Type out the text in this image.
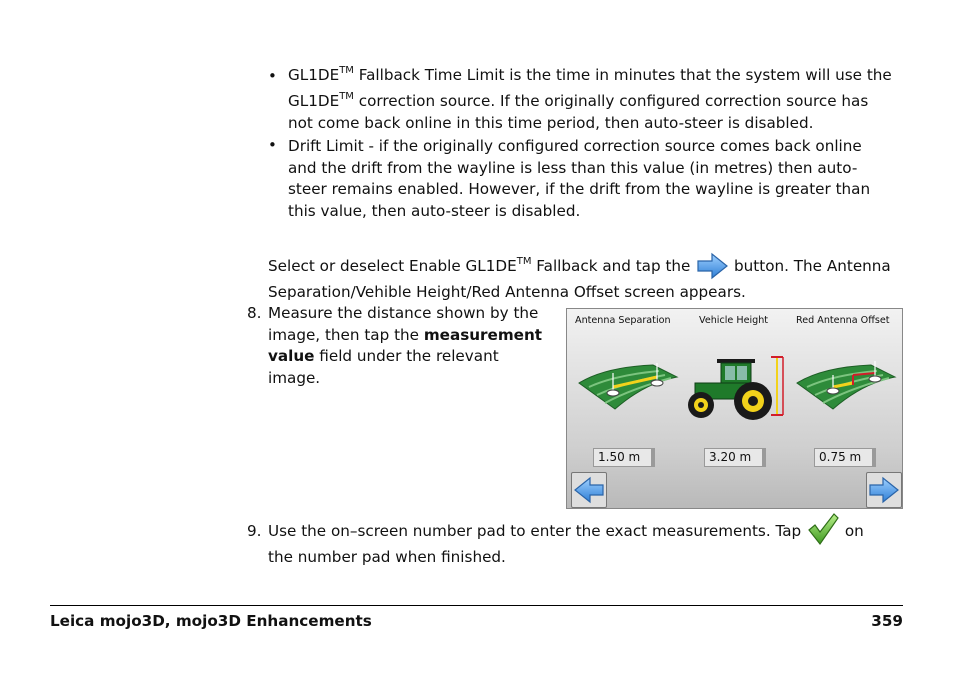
• GL1DE™ Fallback Time Limit is the time in minutes that the system will use the
GL1DE™ correction source. If the originally configured correction source has
not come back online in this time period, then auto-steer is disabled.
• Drift Limit - if the originally configured correction source comes back online
and the drift from the wayline is less than this value (in metres) then auto-
steer remains enabled. However, if the drift from the wayline is greater than
this value, then auto-steer is disabled.
Select or deselect Enable GL1DE™ Fallback and tap the	button. The Antenna
Separation/Vehible Height/Red Antenna Offset screen appears.
8. Measure the distance shown by the
image, then tap the measurement
value field under the relevant
image.
Antenna Separation	Vehicle Height	Red Antenna Offset
1.50 m	3.20 m	0.75 m
9. Use the on–screen number pad to enter the exact measurements. Tap	on
the number pad when finished.
Leica mojo3D, mojo3D Enhancements	359
